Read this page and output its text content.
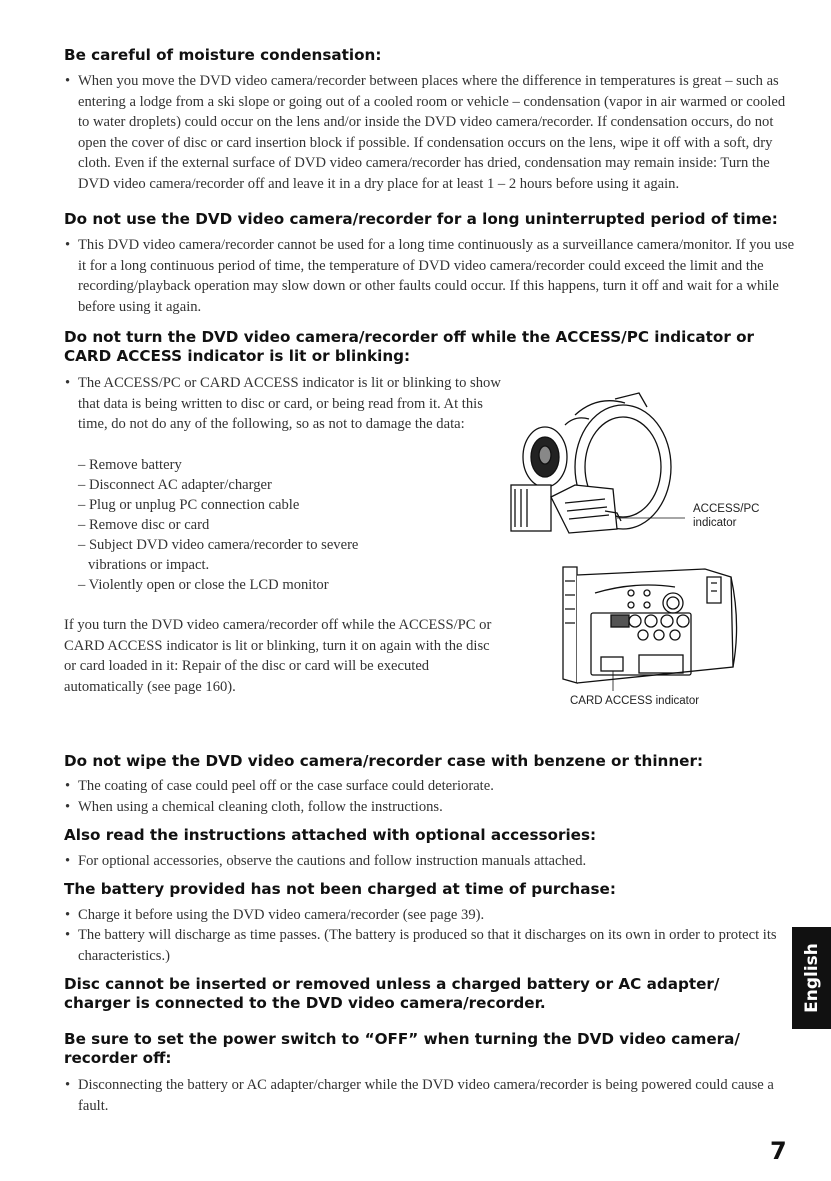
Be careful of moisture condensation:

• When you move the DVD video camera/recorder between places where the difference in temperatures is great – such as entering a lodge from a ski slope or going out of a cooled room or vehicle – condensation (vapor in air warmed or cooled to water droplets) could occur on the lens and/or inside the DVD video camera/recorder. If condensation occurs, do not open the cover of disc or card insertion block if possible. If condensation occurs on the lens, wipe it off with a soft, dry cloth. Even if the external surface of DVD video camera/recorder has dried, condensation may remain inside: Turn the DVD video camera/recorder off and leave it in a dry place for at least 1 – 2 hours before using it again.

Do not use the DVD video camera/recorder for a long uninterrupted period of time:

• This DVD video camera/recorder cannot be used for a long time continuously as a surveillance camera/monitor. If you use it for a long continuous period of time, the temperature of DVD video camera/recorder could exceed the limit and the recording/playback operation may slow down or other faults could occur. If this happens, turn it off and wait for a while before using it again.

Do not turn the DVD video camera/recorder off while the ACCESS/PC indicator or CARD ACCESS indicator is lit or blinking:

• The ACCESS/PC or CARD ACCESS indicator is lit or blinking to show that data is being written to disc or card, or being read from it. At this time, do not do any of the following, so as not to damage the data:

– Remove battery
– Disconnect AC adapter/charger
– Plug or unplug PC connection cable
– Remove disc or card
– Subject DVD video camera/recorder to severe
vibrations or impact.
– Violently open or close the LCD monitor

If you turn the DVD video camera/recorder off while the ACCESS/PC or CARD ACCESS indicator is lit or blinking, turn it on again with the disc or card loaded in it: Repair of the disc or card will be executed automatically (see page 160).

ACCESS/PC
indicator
CARD ACCESS indicator
Do not wipe the DVD video camera/recorder case with benzene or thinner:

• The coating of case could peel off or the case surface could deteriorate.

• When using a chemical cleaning cloth, follow the instructions.

Also read the instructions attached with optional accessories:

• For optional accessories, observe the cautions and follow instruction manuals attached.

The battery provided has not been charged at time of purchase:

• Charge it before using the DVD video camera/recorder (see page 39).

• The battery will discharge as time passes. (The battery is produced so that it discharges on its own in order to protect its characteristics.)

Disc cannot be inserted or removed unless a charged battery or AC adapter/ charger is connected to the DVD video camera/recorder.
Be sure to set the power switch to “OFF” when turning the DVD video camera/ recorder off:

• Disconnecting the battery or AC adapter/charger while the DVD video camera/recorder is being powered could cause a fault.

English
7
